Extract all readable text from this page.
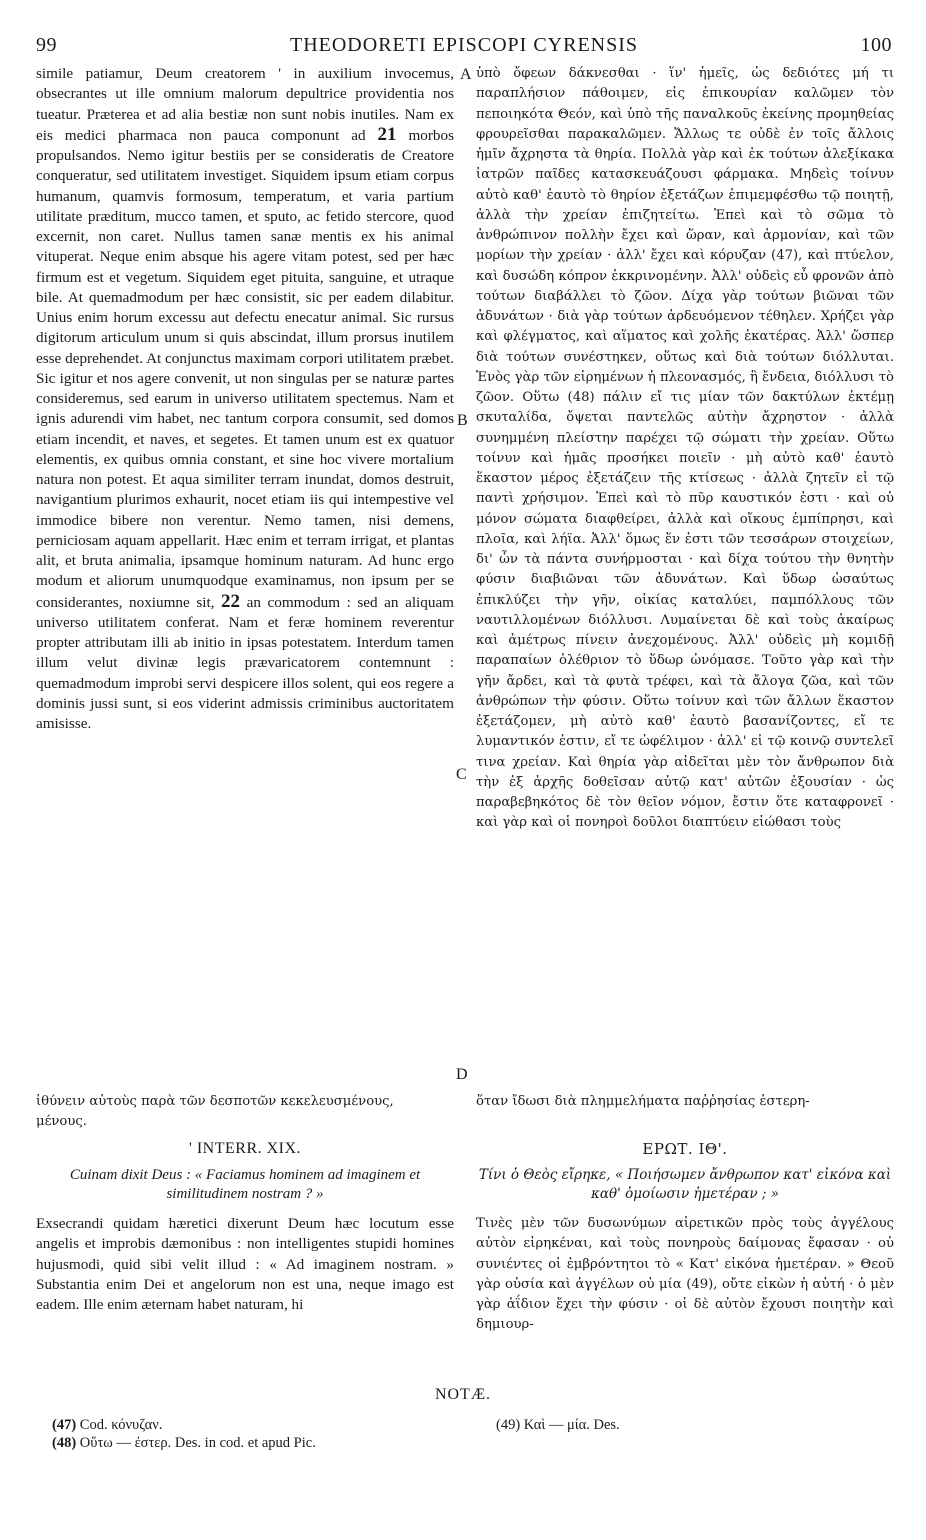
99	THEODORETI EPISCOPI CYRENSIS	100

simile patiamur, Deum creatorem ' in auxilium invocemus, obsecrantes ut ille omnium malorum depultrice providentia nos tueatur. Præterea et ad alia bestiæ non sunt nobis inutiles. Nam ex eis medici pharmaca non pauca componunt ad 21 morbos propulsandos. Nemo igitur bestiis per se consideratis de Creatore conqueratur, sed utilitatem investiget. Siquidem ipsum etiam corpus humanum, quamvis formosum, temperatum, et varia partium utilitate præditum, mucco tamen, et sputo, ac fetido stercore, quod excernit, non caret. Nullus tamen sanæ mentis ex his animal vituperat. Neque enim absque his agere vitam potest, sed per hæc firmum est et vegetum. Siquidem eget pituita, sanguine, et utraque bile. At quemadmodum per hæc consistit, sic per eadem dilabitur. Unius enim horum excessu aut defectu enecatur animal. Sic rursus digitorum articulum unum si quis abscindat, illum prorsus inutilem esse deprehendet. At conjunctus maximam corpori utilitatem præbet. Sic igitur et nos agere convenit, ut non singulas per se naturæ partes consideremus, sed earum in universo utilitatem spectemus. Nam et ignis adurendi vim habet, nec tantum corpora consumit, sed domos etiam incendit, et naves, et segetes. Et tamen unum est ex quatuor elementis, ex quibus omnia constant, et sine hoc vivere mortalium natura non potest. Et aqua similiter terram inundat, domos destruit, navigantium plurimos exhaurit, nocet etiam iis qui intempestive vel immodice bibere non verentur. Nemo tamen, nisi demens, perniciosam aquam appellarit. Hæc enim et terram irrigat, et plantas alit, et bruta animalia, ipsamque hominum naturam. Ad hunc ergo modum et aliorum unumquodque examinamus, non ipsum per se considerantes, noxiumne sit, 22 an commodum : sed an aliquam universo utilitatem conferat. Nam et feræ hominem reverentur propter attributam illi ab initio in ipsas potestatem. Interdum tamen illum velut divinæ legis prævaricatorem contemnunt : quemadmodum improbi servi despicere illos solent, qui eos regere a dominis jussi sunt, si eos viderint admissis criminibus auctoritatem amisisse.

A
B
C
D

ὑπὸ ὄφεων δάκνεσθαι · ἵν' ἡμεῖς, ὡς δεδιότες μή τι παραπλήσιον πάθοιμεν, εἰς ἐπικουρίαν καλῶμεν τὸν πεποιηκότα Θεόν, καὶ ὑπὸ τῆς παναλκοῦς ἐκείνης προμηθείας φρουρεῖσθαι παρακαλῶμεν. Ἄλλως τε οὐδὲ ἐν τοῖς ἄλλοις ἡμῖν ἄχρηστα τὰ θηρία. Πολλὰ γὰρ καὶ ἐκ τούτων ἀλεξίκακα ἰατρῶν παῖδες κατασκευάζουσι φάρμακα. Μηδεὶς τοίνυν αὐτὸ καθ' ἑαυτὸ τὸ θηρίον ἐξετάζων ἐπιμεμφέσθω τῷ ποιητῇ, ἀλλὰ τὴν χρείαν ἐπιζητείτω. Ἐπεὶ καὶ τὸ σῶμα τὸ ἀνθρώπινον πολλὴν ἔχει καὶ ὥραν, καὶ ἁρμονίαν, καὶ τῶν μορίων τὴν χρείαν · ἀλλ' ἔχει καὶ κόρυζαν (47), καὶ πτύελον, καὶ δυσώδη κόπρον ἐκκρινομένην. Ἀλλ' οὐδεὶς εὖ φρονῶν ἀπὸ τούτων διαβάλλει τὸ ζῶον. Δίχα γὰρ τούτων βιῶναι τῶν ἀδυνάτων · διὰ γὰρ τούτων ἀρδευόμενον τέθηλεν. Χρήζει γὰρ καὶ φλέγματος, καὶ αἵματος καὶ χολῆς ἑκατέρας. Ἀλλ' ὥσπερ διὰ τούτων συνέστηκεν, οὕτως καὶ διὰ τούτων διόλλυται. Ἑνὸς γὰρ τῶν εἰρημένων ἡ πλεονασμός, ἢ ἔνδεια, διόλλυσι τὸ ζῶον. Οὕτω (48) πάλιν εἴ τις μίαν τῶν δακτύλων ἐκτέμῃ σκυταλίδα, ὄψεται παντελῶς αὐτὴν ἄχρηστον · ἀλλὰ συνημμένη πλείστην παρέχει τῷ σώματι τὴν χρείαν. Οὕτω τοίνυν καὶ ἡμᾶς προσήκει ποιεῖν · μὴ αὐτὸ καθ' ἑαυτὸ ἕκαστον μέρος ἐξετάζειν τῆς κτίσεως · ἀλλὰ ζητεῖν εἰ τῷ παντὶ χρήσιμον. Ἐπεὶ καὶ τὸ πῦρ καυστικόν ἐστι · καὶ οὐ μόνον σώματα διαφθείρει, ἀλλὰ καὶ οἴκους ἐμπίπρησι, καὶ πλοῖα, καὶ λήϊα. Ἀλλ' ὅμως ἕν ἐστι τῶν τεσσάρων στοιχείων, δι' ὧν τὰ πάντα συνήρμοσται · καὶ δίχα τούτου τὴν θνητὴν φύσιν διαβιῶναι τῶν ἀδυνάτων. Καὶ ὕδωρ ὡσαύτως ἐπικλύζει τὴν γῆν, οἰκίας καταλύει, παμπόλλους τῶν ναυτιλλομένων διόλλυσι. Λυμαίνεται δὲ καὶ τοὺς ἀκαίρως καὶ ἀμέτρως πίνειν ἀνεχομένους. Ἀλλ' οὐδεὶς μὴ κομιδῇ παραπαίων ὀλέθριον τὸ ὕδωρ ὠνόμασε. Τοῦτο γὰρ καὶ τὴν γῆν ἄρδει, καὶ τὰ φυτὰ τρέφει, καὶ τὰ ἄλογα ζῶα, καὶ τῶν ἀνθρώπων τὴν φύσιν. Οὕτω τοίνυν καὶ τῶν ἄλλων ἕκαστον ἐξετάζομεν, μὴ αὐτὸ καθ' ἑαυτὸ βασανίζοντες, εἴ τε λυμαντικόν ἐστιν, εἴ τε ὠφέλιμον · ἀλλ' εἰ τῷ κοινῷ συντελεῖ τινα χρείαν. Καὶ θηρία γὰρ αἰδεῖται μὲν τὸν ἄνθρωπον διὰ τὴν ἐξ ἀρχῆς δοθεῖσαν αὐτῷ κατ' αὐτῶν ἐξουσίαν · ὡς παραβεβηκότος δὲ τὸν θεῖον νόμον, ἔστιν ὅτε καταφρονεῖ · καὶ γὰρ καὶ οἱ πονηροὶ δοῦλοι διαπτύειν εἰώθασι τοὺς

ἰθύνειν αὐτοὺς παρὰ τῶν δεσποτῶν κεκελευσμένους,	ὅταν ἴδωσι διὰ πλημμελήματα παῤῥησίας ἐστερη-
μένους.
' INTERR. XIX.	ΕΡΩΤ. ΙΘ'.
Cuinam dixit Deus : « Faciamus hominem ad imaginem et similitudinem nostram ? »
Τίνι ὁ Θεὸς εἴρηκε, « Ποιήσωμεν ἄνθρωπον κατ' εἰκόνα καὶ καθ' ὁμοίωσιν ἡμετέραν ; »
Exsecrandi quidam hæretici dixerunt Deum hæc locutum esse angelis et improbis dæmonibus : non intelligentes stupidi homines hujusmodi, quid sibi velit illud : « Ad imaginem nostram. » Substantia enim Dei et angelorum non est una, neque imago est eadem. Ille enim æternam habet naturam, hi
Τινὲς μὲν τῶν δυσωνύμων αἱρετικῶν πρὸς τοὺς ἀγγέλους αὐτὸν εἰρηκέναι, καὶ τοὺς πονηροὺς δαίμονας ἔφασαν · οὐ συνιέντες οἱ ἐμβρόντητοι τὸ « Κατ' εἰκόνα ἡμετέραν. » Θεοῦ γὰρ οὐσία καὶ ἀγγέλων οὐ μία (49), οὔτε εἰκὼν ἡ αὐτή · ὁ μὲν γὰρ ἀΐδιον ἔχει τὴν φύσιν · οἱ δὲ αὐτὸν ἔχουσι ποιητὴν καὶ δημιουρ-
NOTÆ.
(47) Cod. κόνυζαν.
(48) Οὕτω — ἐστερ. Des. in cod. et apud Pic.
(49) Καὶ — μία. Des.
